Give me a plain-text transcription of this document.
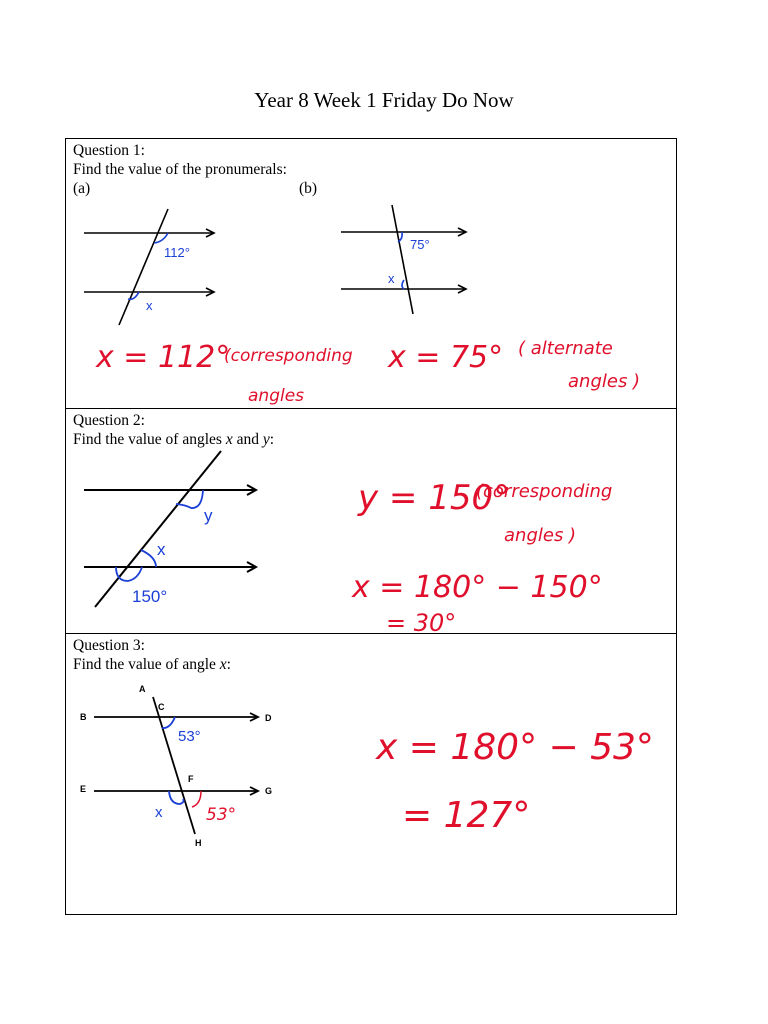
Year 8 Week 1 Friday Do Now
Question 1:
Find the value of the pronumerals:
(a)	(b)
112°
x
75°
x
x = 112°
(corresponding
angles
x = 75° ( alternate
angles )
Question 2:
Find the value of angles x and y:
y
x
150°
y = 150°
(corresponding
angles )
x = 180° − 150°
= 30°
Question 3:
Find the value of angle x:
A
B
C
D
E
F
G
H
53°
x	53°
x = 180° − 53°
= 127°
